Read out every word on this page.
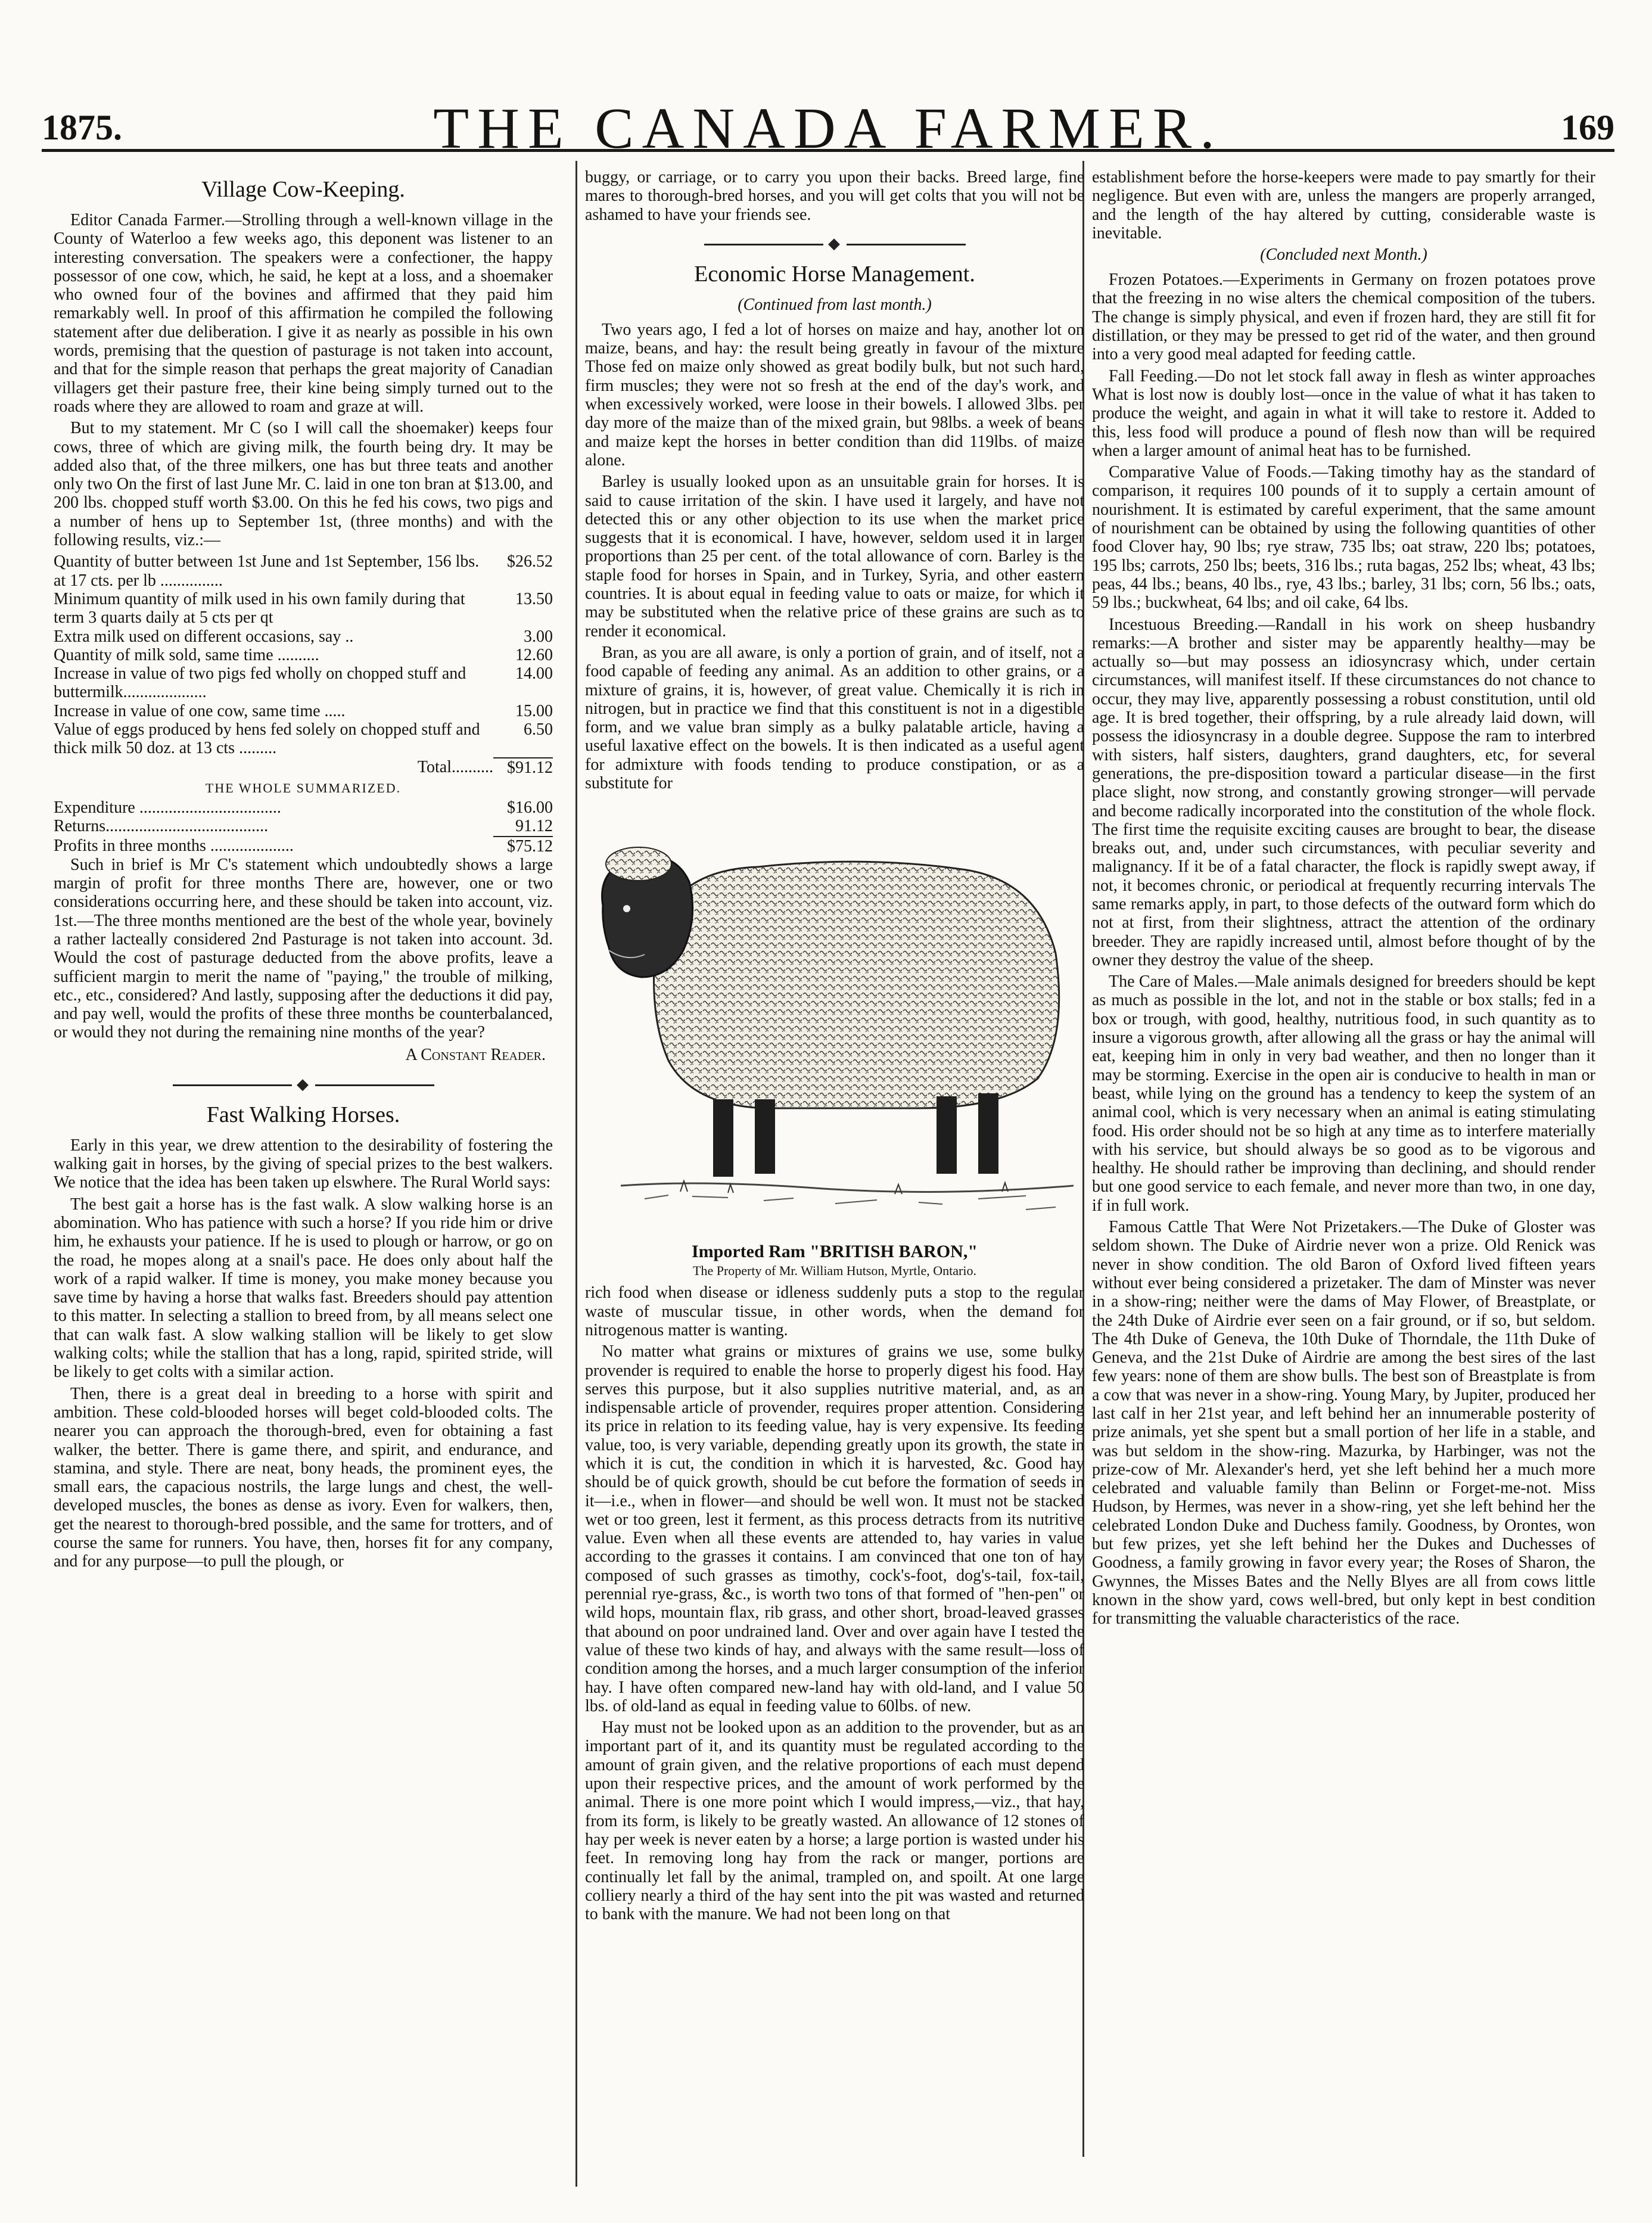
1875.	THE CANADA FARMER.	169
Village Cow-Keeping.

Editor Canada Farmer.—Strolling through a well-known village in the County of Waterloo a few weeks ago, this deponent was listener to an interesting conversation. The speakers were a confectioner, the happy possessor of one cow, which, he said, he kept at a loss, and a shoemaker who owned four of the bovines and affirmed that they paid him remarkably well. In proof of this affirmation he compiled the following statement after due deliberation. I give it as nearly as possible in his own words, premising that the question of pasturage is not taken into account, and that for the simple reason that perhaps the great majority of Canadian villagers get their pasture free, their kine being simply turned out to the roads where they are allowed to roam and graze at will.

But to my statement. Mr C (so I will call the shoemaker) keeps four cows, three of which are giving milk, the fourth being dry. It may be added also that, of the three milkers, one has but three teats and another only two On the first of last June Mr. C. laid in one ton bran at $13.00, and 200 lbs. chopped stuff worth $3.00. On this he fed his cows, two pigs and a number of hens up to September 1st, (three months) and with the following results, viz.:—

Quantity of butter between 1st June and 1st September, 156 lbs. at 17 cts. per lb ...............	$26.52
Minimum quantity of milk used in his own family during that term 3 quarts daily at 5 cts per qt	13.50
Extra milk used on different occasions, say ..	3.00
Quantity of milk sold, same time ..........	12.60
Increase in value of two pigs fed wholly on chopped stuff and buttermilk....................	14.00
Increase in value of one cow, same time .....	15.00
Value of eggs produced by hens fed solely on chopped stuff and thick milk 50 doz. at 13 cts .........	6.50
Total..........	$91.12
THE WHOLE SUMMARIZED.
Expenditure ..................................	$16.00
Returns.......................................	91.12
Profits in three months ....................	$75.12

Such in brief is Mr C's statement which undoubtedly shows a large margin of profit for three months There are, however, one or two considerations occurring here, and these should be taken into account, viz. 1st.—The three months mentioned are the best of the whole year, bovinely a rather lacteally considered 2nd Pasturage is not taken into account. 3d. Would the cost of pasturage deducted from the above profits, leave a sufficient margin to merit the name of "paying," the trouble of milking, etc., etc., considered? And lastly, supposing after the deductions it did pay, and pay well, would the profits of these three months be counterbalanced, or would they not during the remaining nine months of the year?

A Constant Reader.
◆
Fast Walking Horses.

Early in this year, we drew attention to the desirability of fostering the walking gait in horses, by the giving of special prizes to the best walkers. We notice that the idea has been taken up elswhere. The Rural World says:

The best gait a horse has is the fast walk. A slow walking horse is an abomination. Who has patience with such a horse? If you ride him or drive him, he exhausts your patience. If he is used to plough or harrow, or go on the road, he mopes along at a snail's pace. He does only about half the work of a rapid walker. If time is money, you make money because you save time by having a horse that walks fast. Breeders should pay attention to this matter. In selecting a stallion to breed from, by all means select one that can walk fast. A slow walking stallion will be likely to get slow walking colts; while the stallion that has a long, rapid, spirited stride, will be likely to get colts with a similar action.

Then, there is a great deal in breeding to a horse with spirit and ambition. These cold-blooded horses will beget cold-blooded colts. The nearer you can approach the thorough-bred, even for obtaining a fast walker, the better. There is game there, and spirit, and endurance, and stamina, and style. There are neat, bony heads, the prominent eyes, the small ears, the capacious nostrils, the large lungs and chest, the well-developed muscles, the bones as dense as ivory. Even for walkers, then, get the nearest to thorough-bred possible, and the same for trotters, and of course the same for runners. You have, then, horses fit for any company, and for any purpose—to pull the plough, or

buggy, or carriage, or to carry you upon their backs. Breed large, fine mares to thorough-bred horses, and you will get colts that you will not be ashamed to have your friends see.

◆
Economic Horse Management.
(Continued from last month.)

Two years ago, I fed a lot of horses on maize and hay, another lot on maize, beans, and hay: the result being greatly in favour of the mixture Those fed on maize only showed as great bodily bulk, but not such hard, firm muscles; they were not so fresh at the end of the day's work, and when excessively worked, were loose in their bowels. I allowed 3lbs. per day more of the maize than of the mixed grain, but 98lbs. a week of beans and maize kept the horses in better condition than did 119lbs. of maize alone.

Barley is usually looked upon as an unsuitable grain for horses. It is said to cause irritation of the skin. I have used it largely, and have not detected this or any other objection to its use when the market price suggests that it is economical. I have, however, seldom used it in larger proportions than 25 per cent. of the total allowance of corn. Barley is the staple food for horses in Spain, and in Turkey, Syria, and other eastern countries. It is about equal in feeding value to oats or maize, for which it may be substituted when the relative price of these grains are such as to render it economical.

Bran, as you are all aware, is only a portion of grain, and of itself, not a food capable of feeding any animal. As an addition to other grains, or a mixture of grains, it is, however, of great value. Chemically it is rich in nitrogen, but in practice we find that this constituent is not in a digestible form, and we value bran simply as a bulky palatable article, having a useful laxative effect on the bowels. It is then indicated as a useful agent for admixture with foods tending to produce constipation, or as a substitute for

Imported Ram "BRITISH BARON,"
The Property of Mr. William Hutson, Myrtle, Ontario.

rich food when disease or idleness suddenly puts a stop to the regular waste of muscular tissue, in other words, when the demand for nitrogenous matter is wanting.

No matter what grains or mixtures of grains we use, some bulky provender is required to enable the horse to properly digest his food. Hay serves this purpose, but it also supplies nutritive material, and, as an indispensable article of provender, requires proper attention. Considering its price in relation to its feeding value, hay is very expensive. Its feeding value, too, is very variable, depending greatly upon its growth, the state in which it is cut, the condition in which it is harvested, &c. Good hay should be of quick growth, should be cut before the formation of seeds in it—i.e., when in flower—and should be well won. It must not be stacked wet or too green, lest it ferment, as this process detracts from its nutritive value. Even when all these events are attended to, hay varies in value according to the grasses it contains. I am convinced that one ton of hay composed of such grasses as timothy, cock's-foot, dog's-tail, fox-tail, perennial rye-grass, &c., is worth two tons of that formed of "hen-pen" or wild hops, mountain flax, rib grass, and other short, broad-leaved grasses that abound on poor undrained land. Over and over again have I tested the value of these two kinds of hay, and always with the same result—loss of condition among the horses, and a much larger consumption of the inferior hay. I have often compared new-land hay with old-land, and I value 50 lbs. of old-land as equal in feeding value to 60lbs. of new.

Hay must not be looked upon as an addition to the provender, but as an important part of it, and its quantity must be regulated according to the amount of grain given, and the relative proportions of each must depend upon their respective prices, and the amount of work performed by the animal. There is one more point which I would impress,—viz., that hay, from its form, is likely to be greatly wasted. An allowance of 12 stones of hay per week is never eaten by a horse; a large portion is wasted under his feet. In removing long hay from the rack or manger, portions are continually let fall by the animal, trampled on, and spoilt. At one large colliery nearly a third of the hay sent into the pit was wasted and returned to bank with the manure. We had not been long on that

establishment before the horse-keepers were made to pay smartly for their negligence. But even with are, unless the mangers are properly arranged, and the length of the hay altered by cutting, considerable waste is inevitable.

(Concluded next Month.)

Frozen Potatoes.—Experiments in Germany on frozen potatoes prove that the freezing in no wise alters the chemical composition of the tubers. The change is simply physical, and even if frozen hard, they are still fit for distillation, or they may be pressed to get rid of the water, and then ground into a very good meal adapted for feeding cattle.

Fall Feeding.—Do not let stock fall away in flesh as winter approaches What is lost now is doubly lost—once in the value of what it has taken to produce the weight, and again in what it will take to restore it. Added to this, less food will produce a pound of flesh now than will be required when a larger amount of animal heat has to be furnished.

Comparative Value of Foods.—Taking timothy hay as the standard of comparison, it requires 100 pounds of it to supply a certain amount of nourishment. It is estimated by careful experiment, that the same amount of nourishment can be obtained by using the following quantities of other food Clover hay, 90 lbs; rye straw, 735 lbs; oat straw, 220 lbs; potatoes, 195 lbs; carrots, 250 lbs; beets, 316 lbs.; ruta bagas, 252 lbs; wheat, 43 lbs; peas, 44 lbs.; beans, 40 lbs., rye, 43 lbs.; barley, 31 lbs; corn, 56 lbs.; oats, 59 lbs.; buckwheat, 64 lbs; and oil cake, 64 lbs.

Incestuous Breeding.—Randall in his work on sheep husbandry remarks:—A brother and sister may be apparently healthy—may be actually so—but may possess an idiosyncrasy which, under certain circumstances, will manifest itself. If these circumstances do not chance to occur, they may live, apparently possessing a robust constitution, until old age. It is bred together, their offspring, by a rule already laid down, will possess the idiosyncrasy in a double degree. Suppose the ram to interbred with sisters, half sisters, daughters, grand daughters, etc, for several generations, the pre-disposition toward a particular disease—in the first place slight, now strong, and constantly growing stronger—will pervade and become radically incorporated into the constitution of the whole flock. The first time the requisite exciting causes are brought to bear, the disease breaks out, and, under such circumstances, with peculiar severity and malignancy. If it be of a fatal character, the flock is rapidly swept away, if not, it becomes chronic, or periodical at frequently recurring intervals The same remarks apply, in part, to those defects of the outward form which do not at first, from their slightness, attract the attention of the ordinary breeder. They are rapidly increased until, almost before thought of by the owner they destroy the value of the sheep.

The Care of Males.—Male animals designed for breeders should be kept as much as possible in the lot, and not in the stable or box stalls; fed in a box or trough, with good, healthy, nutritious food, in such quantity as to insure a vigorous growth, after allowing all the grass or hay the animal will eat, keeping him in only in very bad weather, and then no longer than it may be storming. Exercise in the open air is conducive to health in man or beast, while lying on the ground has a tendency to keep the system of an animal cool, which is very necessary when an animal is eating stimulating food. His order should not be so high at any time as to interfere materially with his service, but should always be so good as to be vigorous and healthy. He should rather be improving than declining, and should render but one good service to each female, and never more than two, in one day, if in full work.

Famous Cattle That Were Not Prizetakers.—The Duke of Gloster was seldom shown. The Duke of Airdrie never won a prize. Old Renick was never in show condition. The old Baron of Oxford lived fifteen years without ever being considered a prizetaker. The dam of Minster was never in a show-ring; neither were the dams of May Flower, of Breastplate, or the 24th Duke of Airdrie ever seen on a fair ground, or if so, but seldom. The 4th Duke of Geneva, the 10th Duke of Thorndale, the 11th Duke of Geneva, and the 21st Duke of Airdrie are among the best sires of the last few years: none of them are show bulls. The best son of Breastplate is from a cow that was never in a show-ring. Young Mary, by Jupiter, produced her last calf in her 21st year, and left behind her an innumerable posterity of prize animals, yet she spent but a small portion of her life in a stable, and was but seldom in the show-ring. Mazurka, by Harbinger, was not the prize-cow of Mr. Alexander's herd, yet she left behind her a much more celebrated and valuable family than Belinn or Forget-me-not. Miss Hudson, by Hermes, was never in a show-ring, yet she left behind her the celebrated London Duke and Duchess family. Goodness, by Orontes, won but few prizes, yet she left behind her the Dukes and Duchesses of Goodness, a family growing in favor every year; the Roses of Sharon, the Gwynnes, the Misses Bates and the Nelly Blyes are all from cows little known in the show yard, cows well-bred, but only kept in best condition for transmitting the valuable characteristics of the race.
